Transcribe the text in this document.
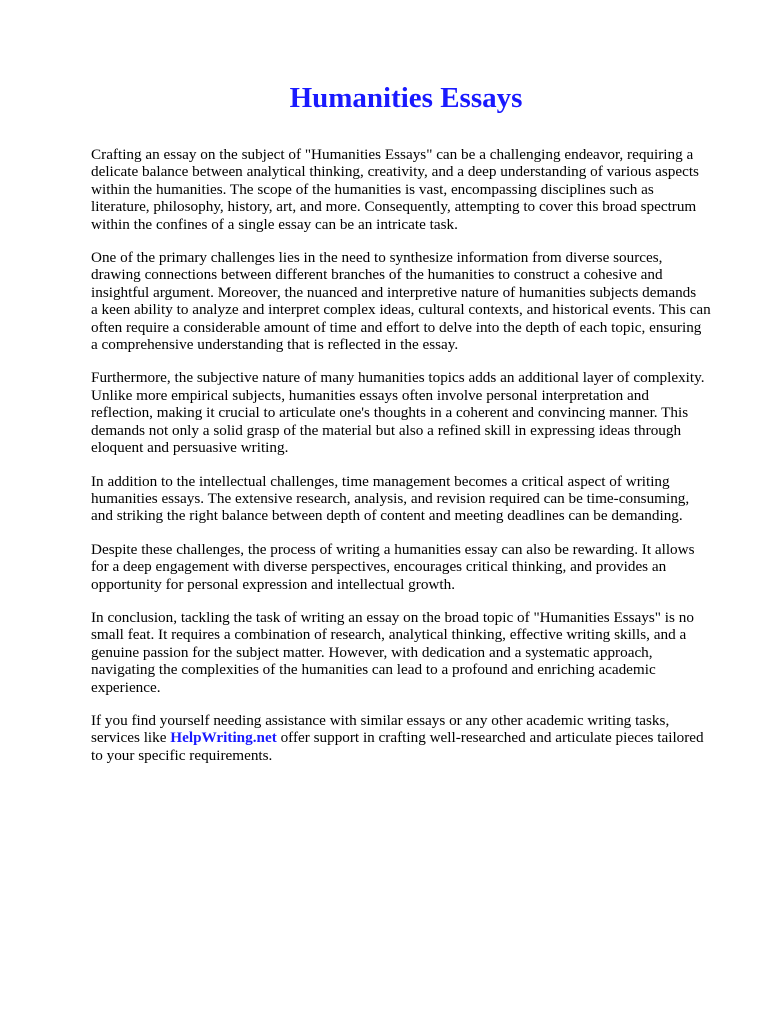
Humanities Essays

Crafting an essay on the subject of "Humanities Essays" can be a challenging endeavor, requiring a
delicate balance between analytical thinking, creativity, and a deep understanding of various aspects
within the humanities. The scope of the humanities is vast, encompassing disciplines such as
literature, philosophy, history, art, and more. Consequently, attempting to cover this broad spectrum
within the confines of a single essay can be an intricate task.

One of the primary challenges lies in the need to synthesize information from diverse sources,
drawing connections between different branches of the humanities to construct a cohesive and
insightful argument. Moreover, the nuanced and interpretive nature of humanities subjects demands
a keen ability to analyze and interpret complex ideas, cultural contexts, and historical events. This can
often require a considerable amount of time and effort to delve into the depth of each topic, ensuring
a comprehensive understanding that is reflected in the essay.

Furthermore, the subjective nature of many humanities topics adds an additional layer of complexity.
Unlike more empirical subjects, humanities essays often involve personal interpretation and
reflection, making it crucial to articulate one's thoughts in a coherent and convincing manner. This
demands not only a solid grasp of the material but also a refined skill in expressing ideas through
eloquent and persuasive writing.

In addition to the intellectual challenges, time management becomes a critical aspect of writing
humanities essays. The extensive research, analysis, and revision required can be time-consuming,
and striking the right balance between depth of content and meeting deadlines can be demanding.

Despite these challenges, the process of writing a humanities essay can also be rewarding. It allows
for a deep engagement with diverse perspectives, encourages critical thinking, and provides an
opportunity for personal expression and intellectual growth.

In conclusion, tackling the task of writing an essay on the broad topic of "Humanities Essays" is no
small feat. It requires a combination of research, analytical thinking, effective writing skills, and a
genuine passion for the subject matter. However, with dedication and a systematic approach,
navigating the complexities of the humanities can lead to a profound and enriching academic
experience.

If you find yourself needing assistance with similar essays or any other academic writing tasks,
services like HelpWriting.net offer support in crafting well-researched and articulate pieces tailored
to your specific requirements.
